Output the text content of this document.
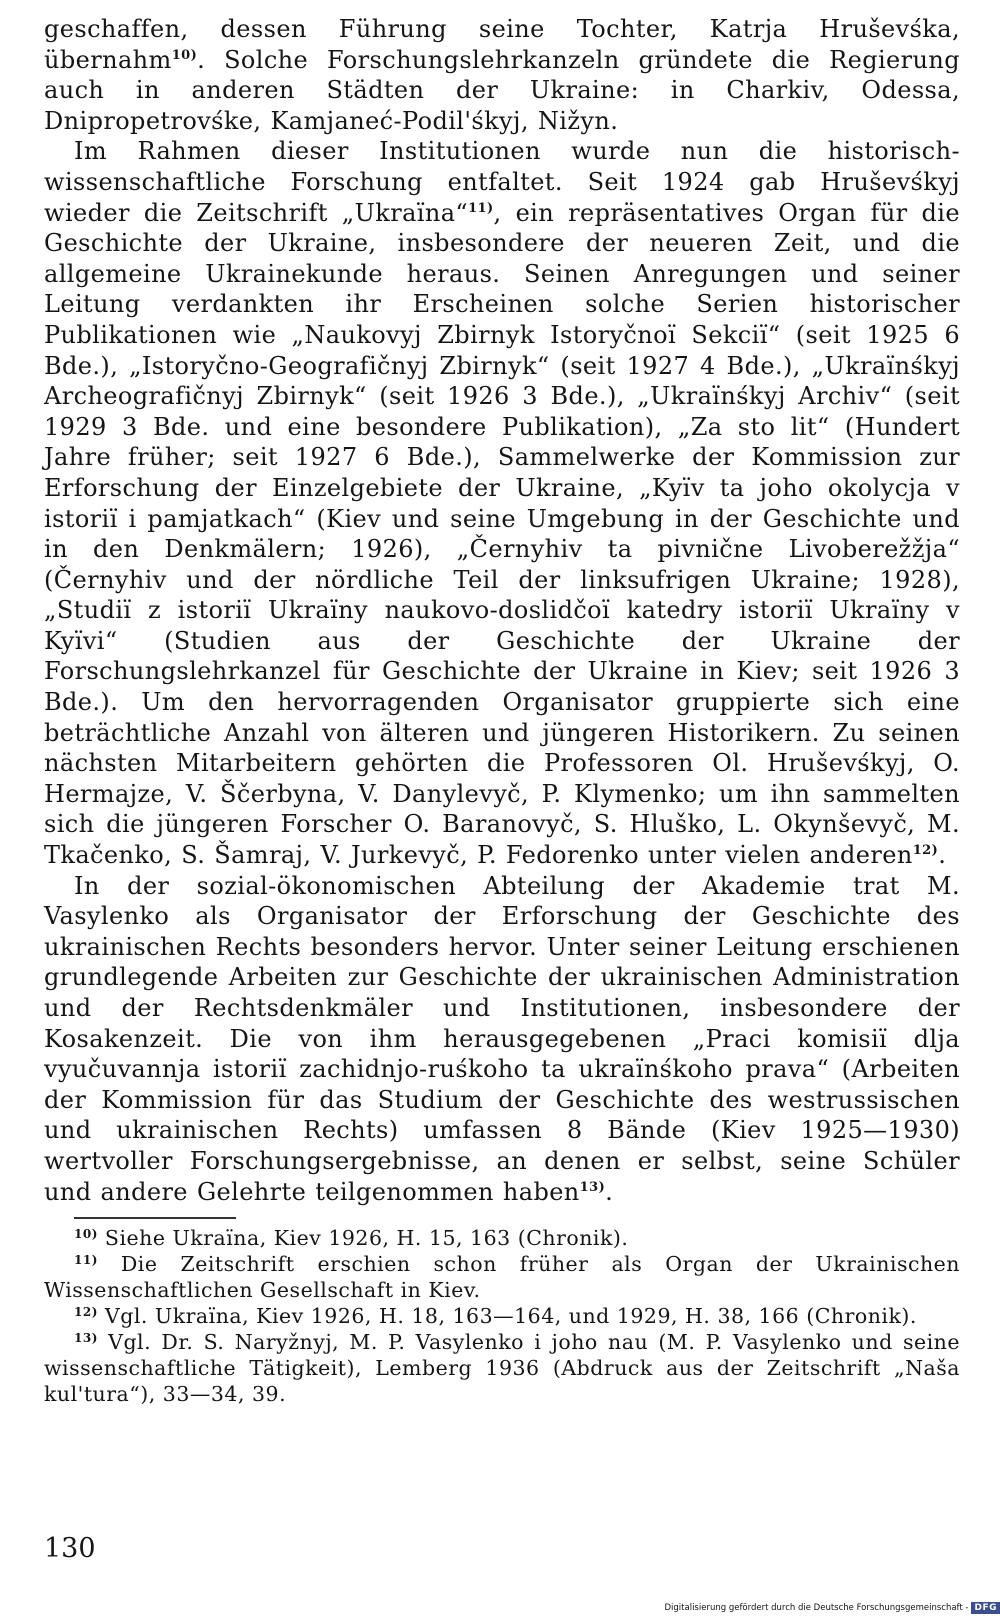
geschaffen, dessen Führung seine Tochter, Katrja Hruševśka, übernahm$^{10)}$. Solche Forschungslehrkanzeln gründete die Regierung auch in anderen Städten der Ukraine: in Charkiv, Odessa, Dnipropetrovśke, Kamjaneć-Podil'śkyj, Nižyn.

Im Rahmen dieser Institutionen wurde nun die historisch-wissenschaftliche Forschung entfaltet. Seit 1924 gab Hruševśkyj wieder die Zeitschrift „Ukraïna“$^{11)}$, ein repräsentatives Organ für die Geschichte der Ukraine, insbesondere der neueren Zeit, und die allgemeine Ukrainekunde heraus. Seinen Anregungen und seiner Leitung verdankten ihr Erscheinen solche Serien historischer Publikationen wie „Naukovyj Zbirnyk Istoryčnoï Sekciï“ (seit 1925 6 Bde.), „Istoryčno-Geografičnyj Zbirnyk“ (seit 1927 4 Bde.), „Ukraïnśkyj Archeografičnyj Zbirnyk“ (seit 1926 3 Bde.), „Ukraïnśkyj Archiv“ (seit 1929 3 Bde. und eine besondere Publikation), „Za sto lit“ (Hundert Jahre früher; seit 1927 6 Bde.), Sammelwerke der Kommission zur Erforschung der Einzelgebiete der Ukraine, „Kyïv ta joho okolycja v istoriï i pamjatkach“ (Kiev und seine Umgebung in der Geschichte und in den Denkmälern; 1926), „Černyhiv ta pivnične Livoberežžja“ (Černyhiv und der nördliche Teil der linksufrigen Ukraine; 1928), „Studiï z istoriï Ukraïny naukovo-doslidčoï katedry istoriï Ukraïny v Kyïvi“ (Studien aus der Geschichte der Ukraine der Forschungslehrkanzel für Geschichte der Ukraine in Kiev; seit 1926 3 Bde.). Um den hervorragenden Organisator gruppierte sich eine beträchtliche Anzahl von älteren und jüngeren Historikern. Zu seinen nächsten Mitarbeitern gehörten die Professoren Ol. Hruševśkyj, O. Hermajze, V. Ščerbyna, V. Danylevyč, P. Klymenko; um ihn sammelten sich die jüngeren Forscher O. Baranovyč, S. Hluško, L. Okynševyč, M. Tkačenko, S. Šamraj, V. Jurkevyč, P. Fedorenko unter vielen anderen$^{12)}$.

In der sozial-ökonomischen Abteilung der Akademie trat M. Vasylenko als Organisator der Erforschung der Geschichte des ukrainischen Rechts besonders hervor. Unter seiner Leitung erschienen grundlegende Arbeiten zur Geschichte der ukrainischen Administration und der Rechtsdenkmäler und Institutionen, insbesondere der Kosakenzeit. Die von ihm herausgegebenen „Praci komisiï dlja vyučuvannja istoriï zachidnjo-ruśkoho ta ukraïnśkoho prava“ (Arbeiten der Kommission für das Studium der Geschichte des westrussischen und ukrainischen Rechts) umfassen 8 Bände (Kiev 1925—1930) wertvoller Forschungsergebnisse, an denen er selbst, seine Schüler und andere Gelehrte teilgenommen haben$^{13)}$.

$^{10)}$ Siehe Ukraïna, Kiev 1926, H. 15, 163 (Chronik).

$^{11)}$ Die Zeitschrift erschien schon früher als Organ der Ukrainischen Wissenschaftlichen Gesellschaft in Kiev.

$^{12)}$ Vgl. Ukraïna, Kiev 1926, H. 18, 163—164, und 1929, H. 38, 166 (Chronik).

$^{13)}$ Vgl. Dr. S. Naryžnyj, M. P. Vasylenko i joho nau (M. P. Vasylenko und seine wissenschaftliche Tätigkeit), Lemberg 1936 (Abdruck aus der Zeitschrift „Naša kul'tura“), 33—34, 39.

130
Digitalisierung gefördert durch die Deutsche Forschungsgemeinschaft - DFG
